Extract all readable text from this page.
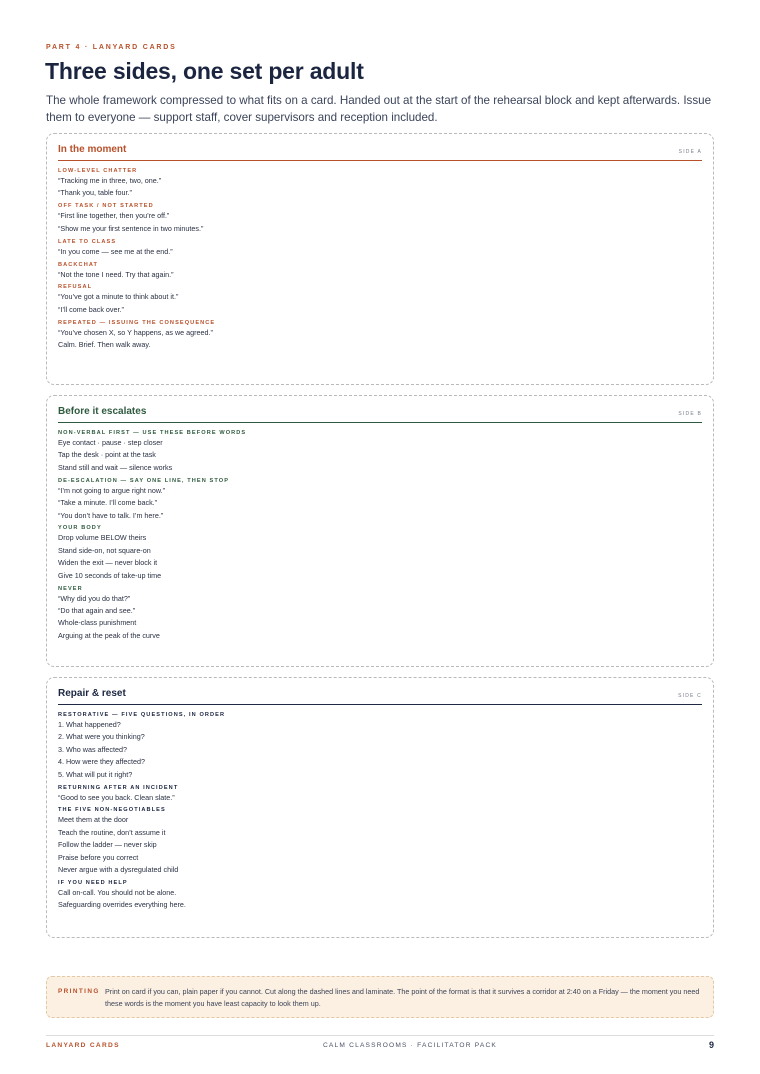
PART 4 · LANYARD CARDS
Three sides, one set per adult

The whole framework compressed to what fits on a card. Handed out at the start of the rehearsal block and kept afterwards. Issue them to everyone — support staff, cover supervisors and reception included.

In the moment	SIDE A
LOW-LEVEL CHATTER
“Tracking me in three, two, one.”
“Thank you, table four.”
OFF TASK / NOT STARTED
“First line together, then you’re off.”
“Show me your first sentence in two minutes.”
LATE TO CLASS
“In you come — see me at the end.”
BACKCHAT
“Not the tone I need. Try that again.”
REFUSAL
“You’ve got a minute to think about it.”
“I’ll come back over.”
REPEATED — ISSUING THE CONSEQUENCE
“You’ve chosen X, so Y happens, as we agreed.”
Calm. Brief. Then walk away.
Before it escalates	SIDE B
NON-VERBAL FIRST — USE THESE BEFORE WORDS
Eye contact · pause · step closer
Tap the desk · point at the task
Stand still and wait — silence works
DE-ESCALATION — SAY ONE LINE, THEN STOP
“I’m not going to argue right now.”
“Take a minute. I’ll come back.”
“You don’t have to talk. I’m here.”
YOUR BODY
Drop volume BELOW theirs
Stand side-on, not square-on
Widen the exit — never block it
Give 10 seconds of take-up time
NEVER
“Why did you do that?”
“Do that again and see.”
Whole-class punishment
Arguing at the peak of the curve
Repair & reset	SIDE C
RESTORATIVE — FIVE QUESTIONS, IN ORDER
1. What happened?
2. What were you thinking?
3. Who was affected?
4. How were they affected?
5. What will put it right?
RETURNING AFTER AN INCIDENT
“Good to see you back. Clean slate.”
THE FIVE NON-NEGOTIABLES
Meet them at the door
Teach the routine, don’t assume it
Follow the ladder — never skip
Praise before you correct
Never argue with a dysregulated child
IF YOU NEED HELP
Call on-call. You should not be alone.
Safeguarding overrides everything here.
PRINTING Print on card if you can, plain paper if you cannot. Cut along the dashed lines and laminate. The point of the format is that it survives a corridor at 2:40 on a Friday — the moment you need these words is the moment you have least capacity to look them up.
LANYARD CARDS	CALM CLASSROOMS · FACILITATOR PACK	9
